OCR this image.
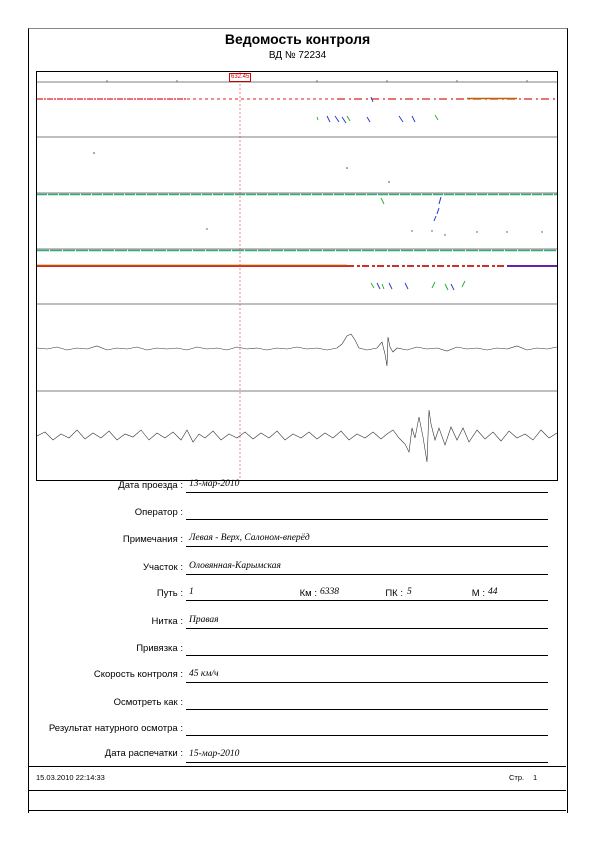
Ведомость контроля
ВД № 72234
632.45
Дата проезда : 13-мар-2010
Оператор :
Примечания : Левая - Верх, Салоном-вперёд
Участок : Оловянная-Карымская
Путь : 1	Км : 6338	ПК : 5	М : 44
Нитка : Правая
Привязка :
Скорость контроля : 45 км/ч
Осмотреть как :
Результат натурного осмотра :
Дата распечатки : 15-мар-2010
15.03.2010 22:14:33	Стр. 1
